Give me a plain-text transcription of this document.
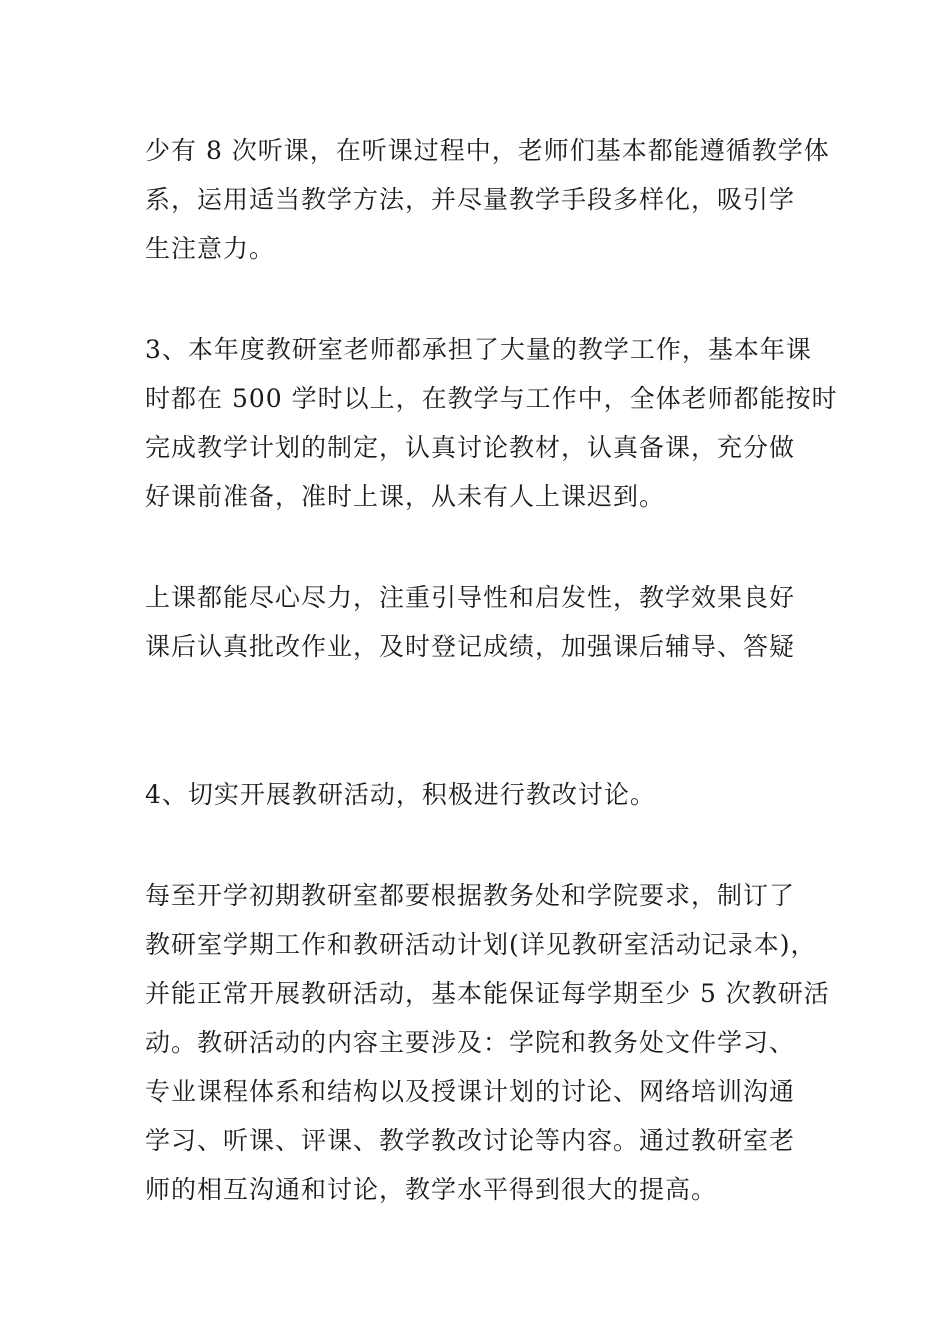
少有 8 次听课，在听课过程中，老师们基本都能遵循教学体
系，运用适当教学方法，并尽量教学手段多样化，吸引学
生注意力。
3、本年度教研室老师都承担了大量的教学工作，基本年课
时都在 500 学时以上，在教学与工作中，全体老师都能按时
完成教学计划的制定，认真讨论教材，认真备课，充分做
好课前准备，准时上课，从未有人上课迟到。
上课都能尽心尽力，注重引导性和启发性，教学效果良好
课后认真批改作业，及时登记成绩，加强课后辅导、答疑
4、切实开展教研活动，积极进行教改讨论。
每至开学初期教研室都要根据教务处和学院要求，制订了
教研室学期工作和教研活动计划(详见教研室活动记录本)，
并能正常开展教研活动，基本能保证每学期至少 5 次教研活
动。教研活动的内容主要涉及：学院和教务处文件学习、
专业课程体系和结构以及授课计划的讨论、网络培训沟通
学习、听课、评课、教学教改讨论等内容。通过教研室老
师的相互沟通和讨论，教学水平得到很大的提高。
